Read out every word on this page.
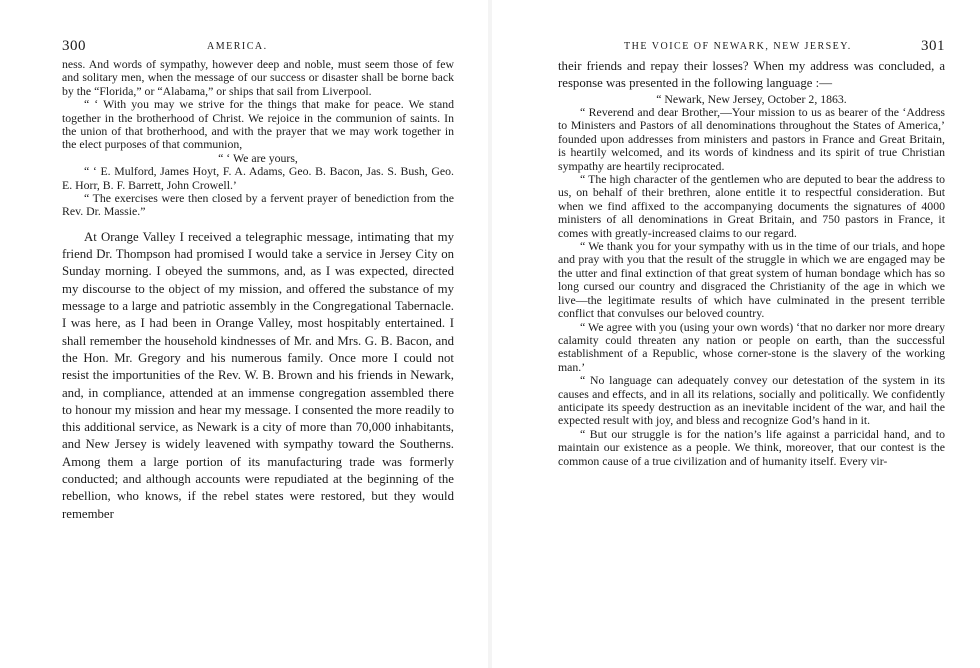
300	AMERICA.

ness. And words of sympathy, however deep and noble, must seem those of few and solitary men, when the message of our success or disaster shall be borne back by the “Florida,” or “Alabama,” or ships that sail from Liverpool.

“ ‘ With you may we strive for the things that make for peace. We stand together in the brotherhood of Christ. We rejoice in the communion of saints. In the union of that brotherhood, and with the prayer that we may work together in the elect purposes of that communion,

“ ‘ We are yours,

“ ‘ E. Mulford, James Hoyt, F. A. Adams, Geo. B. Bacon, Jas. S. Bush, Geo. E. Horr, B. F. Barrett, John Crowell.’

“ The exercises were then closed by a fervent prayer of benediction from the Rev. Dr. Massie.”

At Orange Valley I received a telegraphic message, intimating that my friend Dr. Thompson had promised I would take a service in Jersey City on Sunday morning. I obeyed the summons, and, as I was expected, directed my discourse to the object of my mission, and offered the substance of my message to a large and patriotic assembly in the Congregational Tabernacle. I was here, as I had been in Orange Valley, most hospitably entertained. I shall remember the household kindnesses of Mr. and Mrs. G. B. Bacon, and the Hon. Mr. Gregory and his numerous family. Once more I could not resist the importunities of the Rev. W. B. Brown and his friends in Newark, and, in compliance, attended at an immense congregation assembled there to honour my mission and hear my message. I consented the more readily to this additional service, as Newark is a city of more than 70,000 inhabitants, and New Jersey is widely leavened with sympathy toward the Southerns. Among them a large portion of its manufacturing trade was formerly conducted; and although accounts were repudiated at the beginning of the rebellion, who knows, if the rebel states were restored, but they would remember

THE VOICE OF NEWARK, NEW JERSEY.	301

their friends and repay their losses? When my address was concluded, a response was presented in the following language :—

“ Newark, New Jersey, October 2, 1863.

“ Reverend and dear Brother,—Your mission to us as bearer of the ‘Address to Ministers and Pastors of all denominations throughout the States of America,’ founded upon addresses from ministers and pastors in France and Great Britain, is heartily welcomed, and its words of kindness and its spirit of true Christian sympathy are heartily reciprocated.

“ The high character of the gentlemen who are deputed to bear the address to us, on behalf of their brethren, alone entitle it to respectful consideration. But when we find affixed to the accompanying documents the signatures of 4000 ministers of all denominations in Great Britain, and 750 pastors in France, it comes with greatly-increased claims to our regard.

“ We thank you for your sympathy with us in the time of our trials, and hope and pray with you that the result of the struggle in which we are engaged may be the utter and final extinction of that great system of human bondage which has so long cursed our country and disgraced the Christianity of the age in which we live—the legitimate results of which have culminated in the present terrible conflict that convulses our beloved country.

“ We agree with you (using your own words) ‘that no darker nor more dreary calamity could threaten any nation or people on earth, than the successful establishment of a Republic, whose corner-stone is the slavery of the working man.’

“ No language can adequately convey our detestation of the system in its causes and effects, and in all its relations, socially and politically. We confidently anticipate its speedy destruction as an inevitable incident of the war, and hail the expected result with joy, and bless and recognize God’s hand in it.

“ But our struggle is for the nation’s life against a parricidal hand, and to maintain our existence as a people. We think, moreover, that our contest is the common cause of a true civilization and of humanity itself. Every vir-
